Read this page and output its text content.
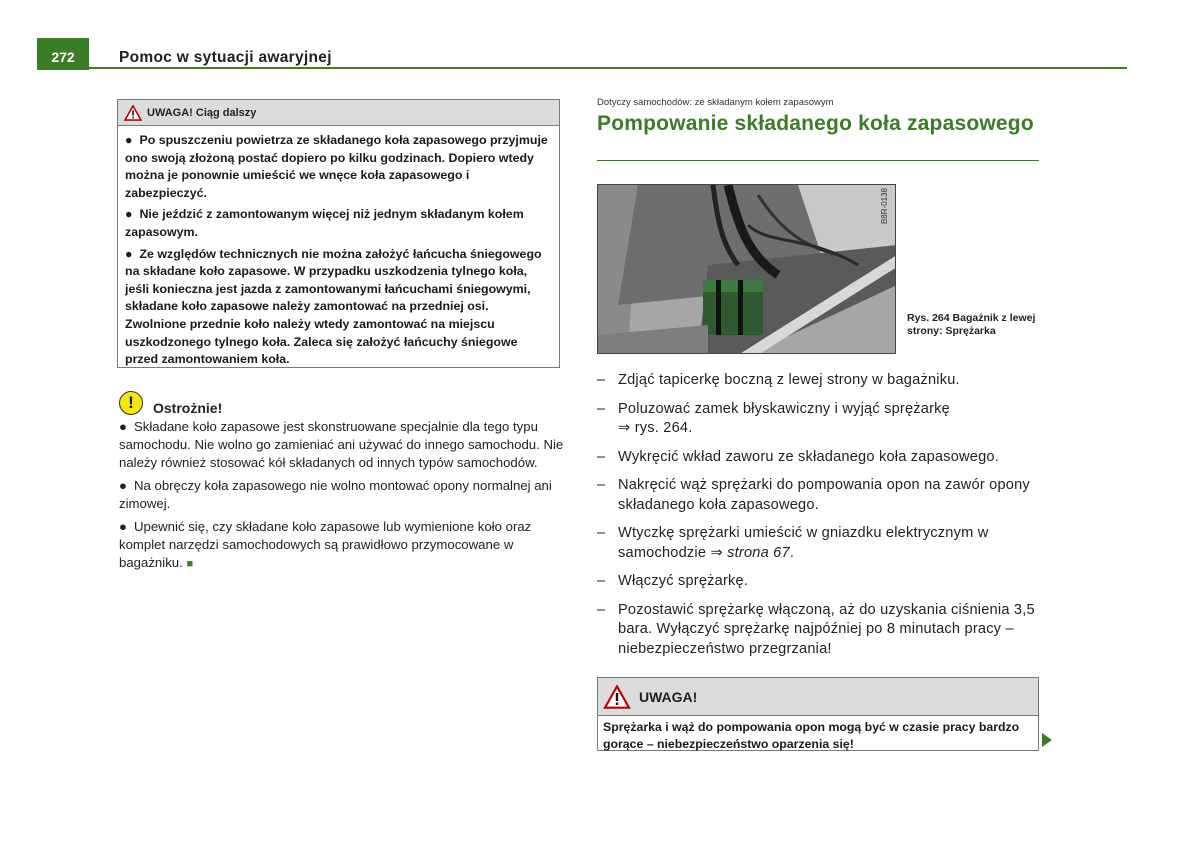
272	Pomoc w sytuacji awaryjnej
UWAGA! Ciąg dalszy

● Po spuszczeniu powietrza ze składanego koła zapasowego przyjmuje ono swoją złożoną postać dopiero po kilku godzinach. Dopiero wtedy można je ponownie umieścić we wnęce koła zapasowego i zabezpieczyć.

● Nie jeździć z zamontowanym więcej niż jednym składanym kołem zapasowym.

● Ze względów technicznych nie można założyć łańcucha śniegowego na składane koło zapasowe. W przypadku uszkodzenia tylnego koła, jeśli konieczna jest jazda z zamontowanymi łańcuchami śniegowymi, składane koło zapasowe należy zamontować na przedniej osi. Zwolnione przednie koło należy wtedy zamontować na miejscu uszkodzonego tylnego koła. Zaleca się założyć łańcuchy śniegowe przed zamontowaniem koła.

!	Ostrożnie!

● Składane koło zapasowe jest skonstruowane specjalnie dla tego typu samochodu. Nie wolno go zamieniać ani używać do innego samochodu. Nie należy również stosować kół składanych od innych typów samochodów.

● Na obręczy koła zapasowego nie wolno montować opony normalnej ani zimowej.

● Upewnić się, czy składane koło zapasowe lub wymienione koło oraz komplet narzędzi samochodowych są prawidłowo przymocowane w bagażniku. ■

Dotyczy samochodów: ze składanym kołem zapasowym
Pompowanie składanego koła zapasowego
B8R-0138
Rys. 264 Bagażnik z lewej strony: Sprężarka
– Zdjąć tapicerkę boczną z lewej strony w bagażniku.
– Poluzować zamek błyskawiczny i wyjąć sprężarkę
⇒ rys. 264.
– Wykręcić wkład zaworu ze składanego koła zapasowego.
– Nakręcić wąż sprężarki do pompowania opon na zawór opony składanego koła zapasowego.
– Wtyczkę sprężarki umieścić w gniazdku elektrycznym w samochodzie ⇒ strona 67.
– Włączyć sprężarkę.
– Pozostawić sprężarkę włączoną, aż do uzyskania ciśnienia 3,5 bara. Wyłączyć sprężarkę najpóźniej po 8 minutach pracy – niebezpieczeństwo przegrzania!
UWAGA!
Sprężarka i wąż do pompowania opon mogą być w czasie pracy bardzo gorące – niebezpieczeństwo oparzenia się!
